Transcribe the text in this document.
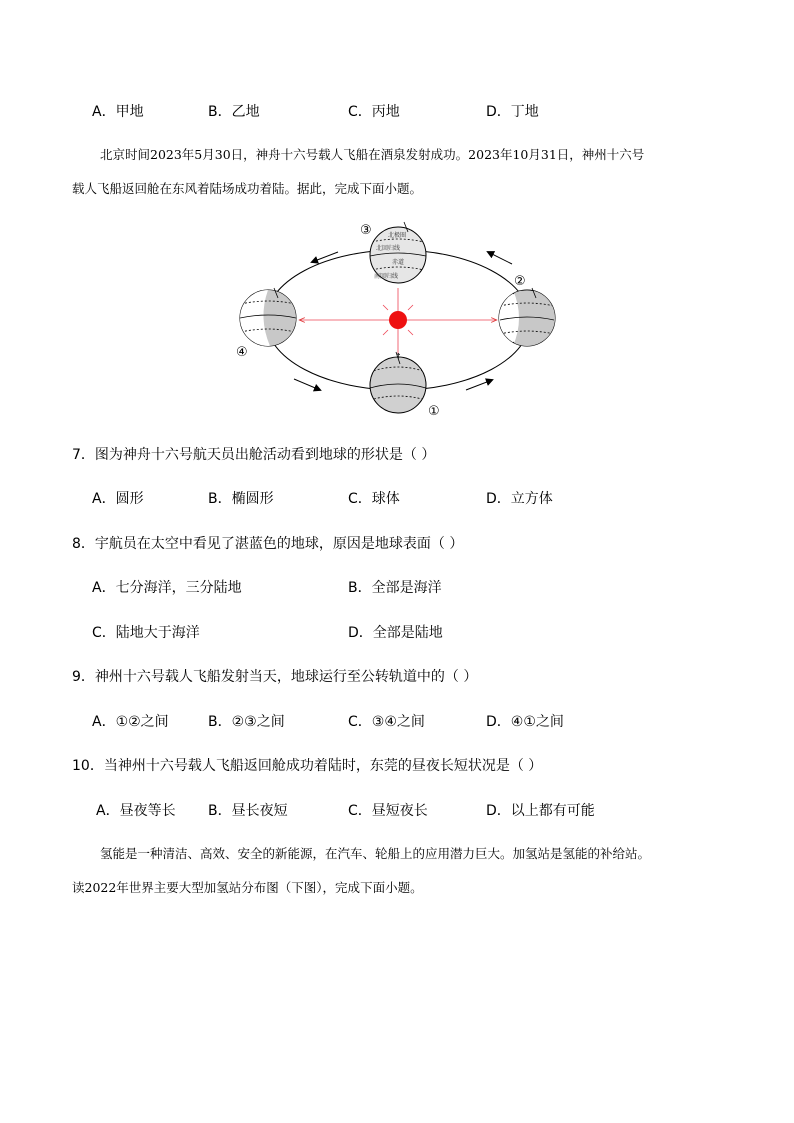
A．甲地	B．乙地	C．丙地	D．丁地

北京时间2023年5月30日，神舟十六号载人飞船在酒泉发射成功。2023年10月31日，神州十六号

载人飞船返回舱在东风着陆场成功着陆。据此，完成下面小题。

↑
北极圈
北回归线
赤道
南回归线
①
②
③
④
7．图为神舟十六号航天员出舱活动看到地球的形状是（ ）
A．圆形	B．椭圆形	C．球体	D．立方体
8．宇航员在太空中看见了湛蓝色的地球，原因是地球表面（ ）
A．七分海洋，三分陆地	B．全部是海洋
C．陆地大于海洋	D．全部是陆地
9．神州十六号载人飞船发射当天，地球运行至公转轨道中的（ ）
A．①②之间	B．②③之间	C．③④之间	D．④①之间
10．当神州十六号载人飞船返回舱成功着陆时，东莞的昼夜长短状况是（ ）
A．昼夜等长 B．昼长夜短	C．昼短夜长	D．以上都有可能

氢能是一种清洁、高效、安全的新能源，在汽车、轮船上的应用潜力巨大。加氢站是氢能的补给站。

读2022年世界主要大型加氢站分布图（下图），完成下面小题。
